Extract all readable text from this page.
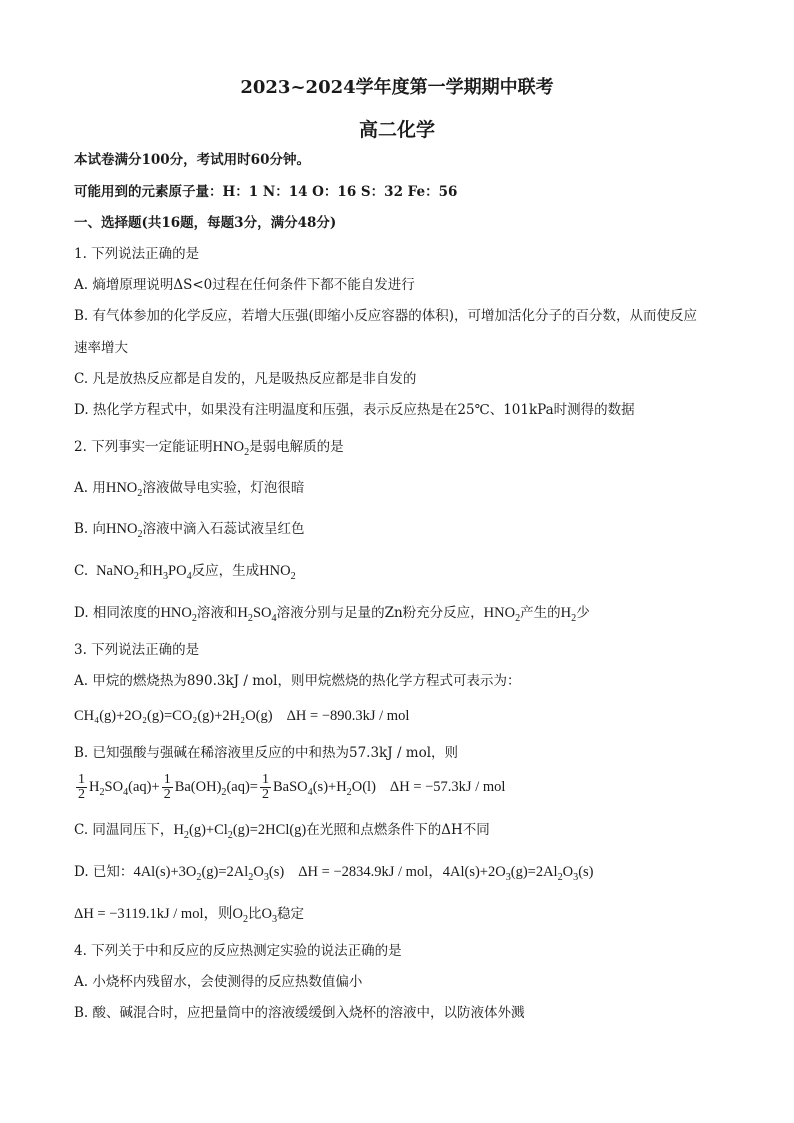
2023~2024学年度第一学期期中联考
高二化学
本试卷满分100分，考试用时60分钟。
可能用到的元素原子量：H：1 N：14 O：16 S：32 Fe：56
一、选择题(共16题，每题3分，满分48分)
1. 下列说法正确的是
A. 熵增原理说明ΔS<0过程在任何条件下都不能自发进行
B. 有气体参加的化学反应，若增大压强(即缩小反应容器的体积)，可增加活化分子的百分数，从而使反应
速率增大
C. 凡是放热反应都是自发的，凡是吸热反应都是非自发的
D. 热化学方程式中，如果没有注明温度和压强，表示反应热是在25℃、101kPa时测得的数据
2. 下列事实一定能证明$HNO_2$是弱电解质的是
A. 用$HNO_2$溶液做导电实验，灯泡很暗
B. 向$HNO_2$溶液中滴入石蕊试液呈红色
C.  NaNO$_2$和$H_3PO_4$反应，生成$HNO_2$
D. 相同浓度的$HNO_2$溶液和$H_2SO_4$溶液分别与足量的Zn粉充分反应，$HNO_2$产生的$H_2$少
3. 下列说法正确的是
A. 甲烷的燃烧热为890.3kJ / mol，则甲烷燃烧的热化学方程式可表示为：
CH₄(g)+2O₂(g)=CO₂(g)+2H₂O(g) ΔH = −890.3kJ / mol
B. 已知强酸与强碱在稀溶液里反应的中和热为57.3kJ / mol，则
$\frac{1}{2} H_2SO_4(aq)+ \frac{1}{2} Ba(OH)_2(aq)= \frac{1}{2}$ $BaSO_4(s)+H_2O(l) \Delta H = -57.3kJ$ / mol
C. 同温同压下，$H_2(g)+Cl_2(g)=2HCl(g)$在光照和点燃条件下的ΔH不同
D. 已知：$4Al(s)+3O_2(g)=2Al_2O_3(s) \Delta H = -2834.9kJ$ / mol，$4Al(s)+2O_3(g)=2Al_2O_3(s)$
ΔH = −3119.1kJ / mol，则$O_2$比$O_3$稳定
4. 下列关于中和反应的反应热测定实验的说法正确的是
A. 小烧杯内残留水，会使测得的反应热数值偏小
B. 酸、碱混合时，应把量筒中的溶液缓缓倒入烧杯的溶液中，以防液体外溅
